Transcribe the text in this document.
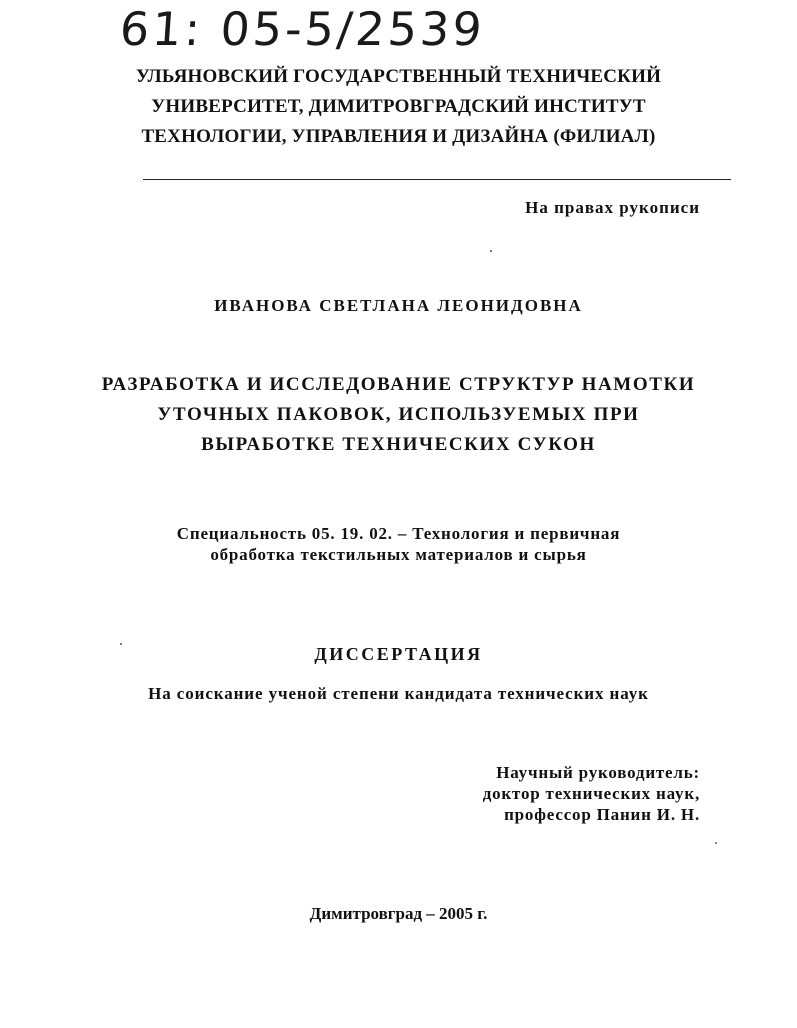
61: 05-5/2539
УЛЬЯНОВСКИЙ ГОСУДАРСТВЕННЫЙ ТЕХНИЧЕСКИЙ
УНИВЕРСИТЕТ, ДИМИТРОВГРАДСКИЙ ИНСТИТУТ
ТЕХНОЛОГИИ, УПРАВЛЕНИЯ И ДИЗАЙНА (ФИЛИАЛ)
На правах рукописи
ИВАНОВА СВЕТЛАНА ЛЕОНИДОВНА
РАЗРАБОТКА И ИССЛЕДОВАНИЕ СТРУКТУР НАМОТКИ
УТОЧНЫХ ПАКОВОК, ИСПОЛЬЗУЕМЫХ ПРИ
ВЫРАБОТКЕ ТЕХНИЧЕСКИХ СУКОН
Специальность 05. 19. 02. – Технология и первичная
обработка текстильных материалов и сырья
ДИССЕРТАЦИЯ
На соискание ученой степени кандидата технических наук
Научный руководитель:
доктор технических наук,
профессор Панин И. Н.
Димитровград – 2005 г.
